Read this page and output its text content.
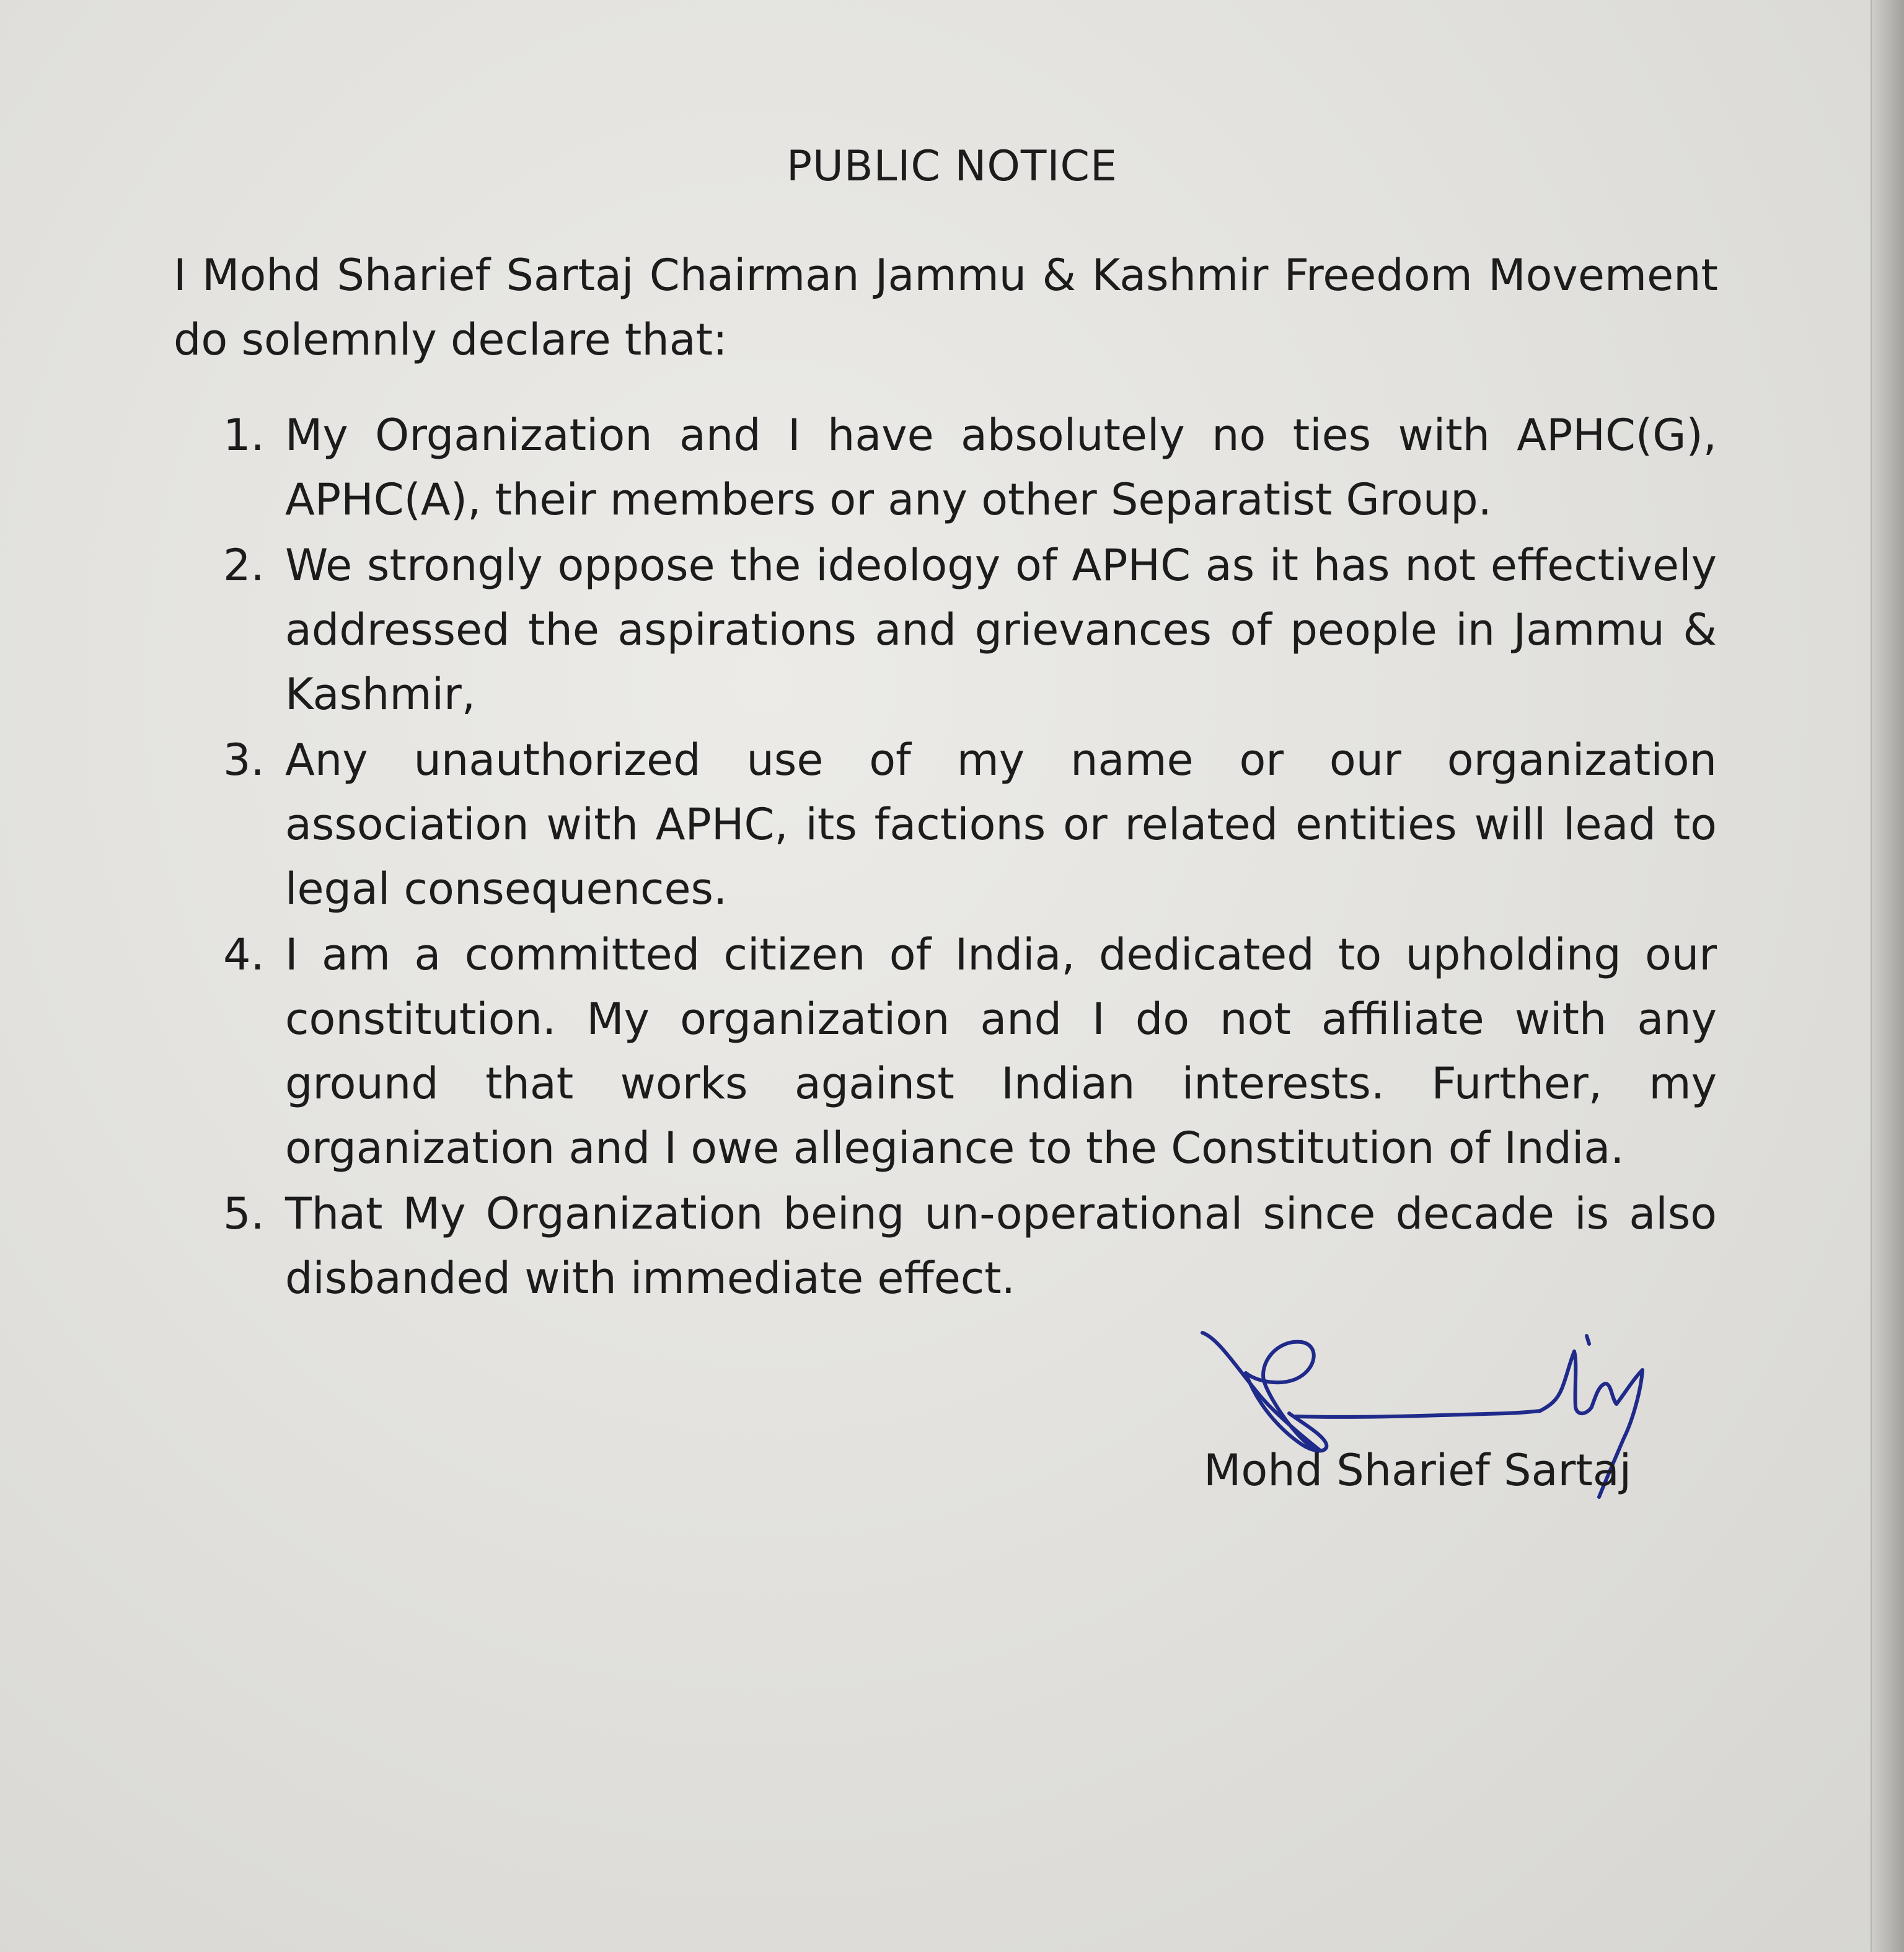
PUBLIC NOTICE
I Mohd Sharief Sartaj Chairman Jammu & Kashmir Freedom Movement do solemnly declare that:
1. My Organization and I have absolutely no ties with APHC(G), APHC(A), their members or any other Separatist Group.
2. We strongly oppose the ideology of APHC as it has not effectively addressed the aspirations and grievances of people in Jammu & Kashmir,
3. Any unauthorized use of my name or our organization association with APHC, its factions or related entities will lead to legal consequences.
4. I am a committed citizen of India, dedicated to upholding our constitution. My organization and I do not affiliate with any ground that works against Indian interests. Further, my organization and I owe allegiance to the Constitution of India.
5. That My Organization being un-operational since decade is also disbanded with immediate effect.
Mohd Sharief Sartaj
